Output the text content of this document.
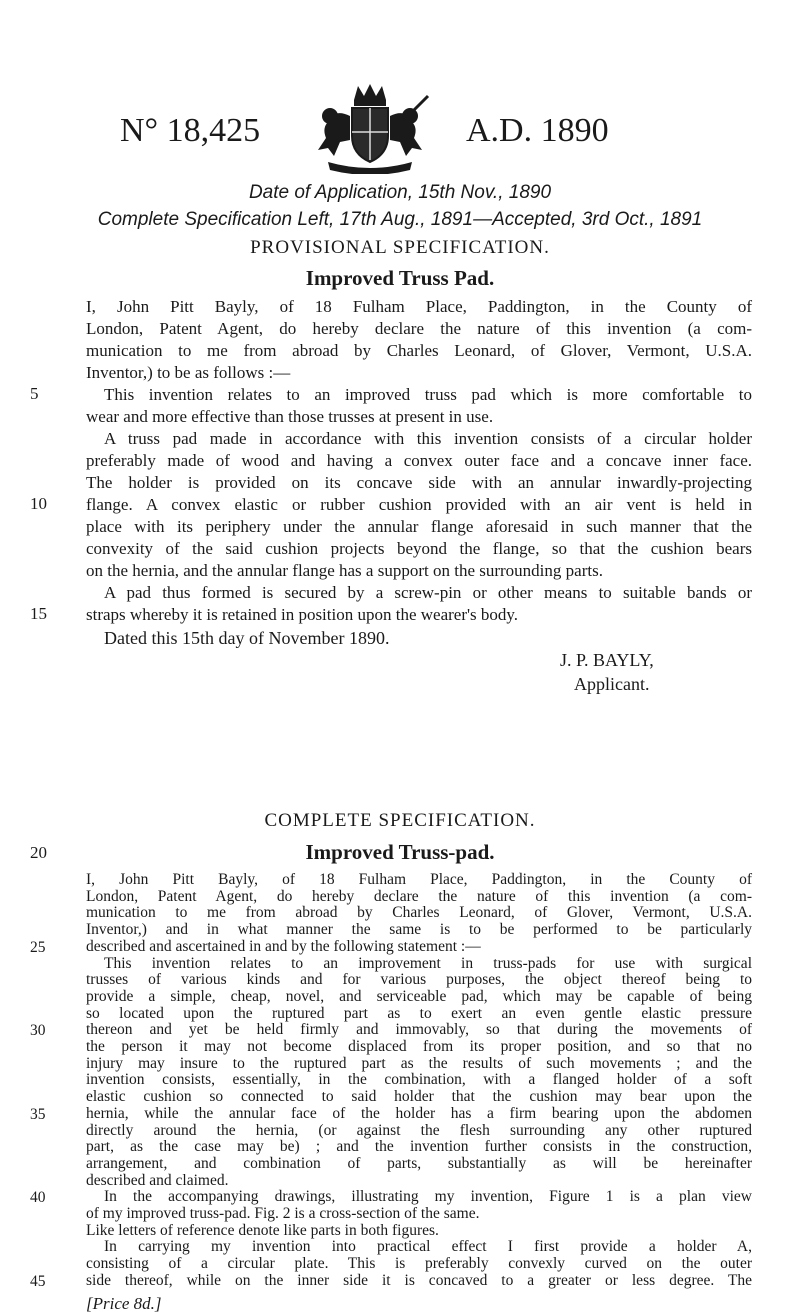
N° 18,425	A.D. 1890
Date of Application, 15th Nov., 1890
Complete Specification Left, 17th Aug., 1891—Accepted, 3rd Oct., 1891
PROVISIONAL SPECIFICATION.
Improved Truss Pad.
I, John Pitt Bayly, of 18 Fulham Place, Paddington, in the County of
London, Patent Agent, do hereby declare the nature of this invention (a com-
munication to me from abroad by Charles Leonard, of Glover, Vermont, U.S.A.
Inventor,) to be as follows :—
This invention relates to an improved truss pad which is more comfortable to
wear and more effective than those trusses at present in use.
A truss pad made in accordance with this invention consists of a circular holder
preferably made of wood and having a convex outer face and a concave inner face.
The holder is provided on its concave side with an annular inwardly-projecting
flange. A convex elastic or rubber cushion provided with an air vent is held in
place with its periphery under the annular flange aforesaid in such manner that the
convexity of the said cushion projects beyond the flange, so that the cushion bears
on the hernia, and the annular flange has a support on the surrounding parts.
A pad thus formed is secured by a screw-pin or other means to suitable bands or
straps whereby it is retained in position upon the wearer's body.
Dated this 15th day of November 1890.
J. P. BAYLY,
Applicant.
COMPLETE SPECIFICATION.
Improved Truss-pad.
I, John Pitt Bayly, of 18 Fulham Place, Paddington, in the County of
London, Patent Agent, do hereby declare the nature of this invention (a com-
munication to me from abroad by Charles Leonard, of Glover, Vermont, U.S.A.
Inventor,) and in what manner the same is to be performed to be particularly
described and ascertained in and by the following statement :—
This invention relates to an improvement in truss-pads for use with surgical
trusses of various kinds and for various purposes, the object thereof being to
provide a simple, cheap, novel, and serviceable pad, which may be capable of being
so located upon the ruptured part as to exert an even gentle elastic pressure
thereon and yet be held firmly and immovably, so that during the movements of
the person it may not become displaced from its proper position, and so that no
injury may insure to the ruptured part as the results of such movements ; and the
invention consists, essentially, in the combination, with a flanged holder of a soft
elastic cushion so connected to said holder that the cushion may bear upon the
hernia, while the annular face of the holder has a firm bearing upon the abdomen
directly around the hernia, (or against the flesh surrounding any other ruptured
part, as the case may be) ; and the invention further consists in the construction,
arrangement, and combination of parts, substantially as will be hereinafter
described and claimed.
In the accompanying drawings, illustrating my invention, Figure 1 is a plan view
of my improved truss-pad. Fig. 2 is a cross-section of the same.
Like letters of reference denote like parts in both figures.
In carrying my invention into practical effect I first provide a holder A,
consisting of a circular plate. This is preferably convexly curved on the outer
side thereof, while on the inner side it is concaved to a greater or less degree. The
5
10
15
20
25
30
35
40
45
[Price 8d.]
